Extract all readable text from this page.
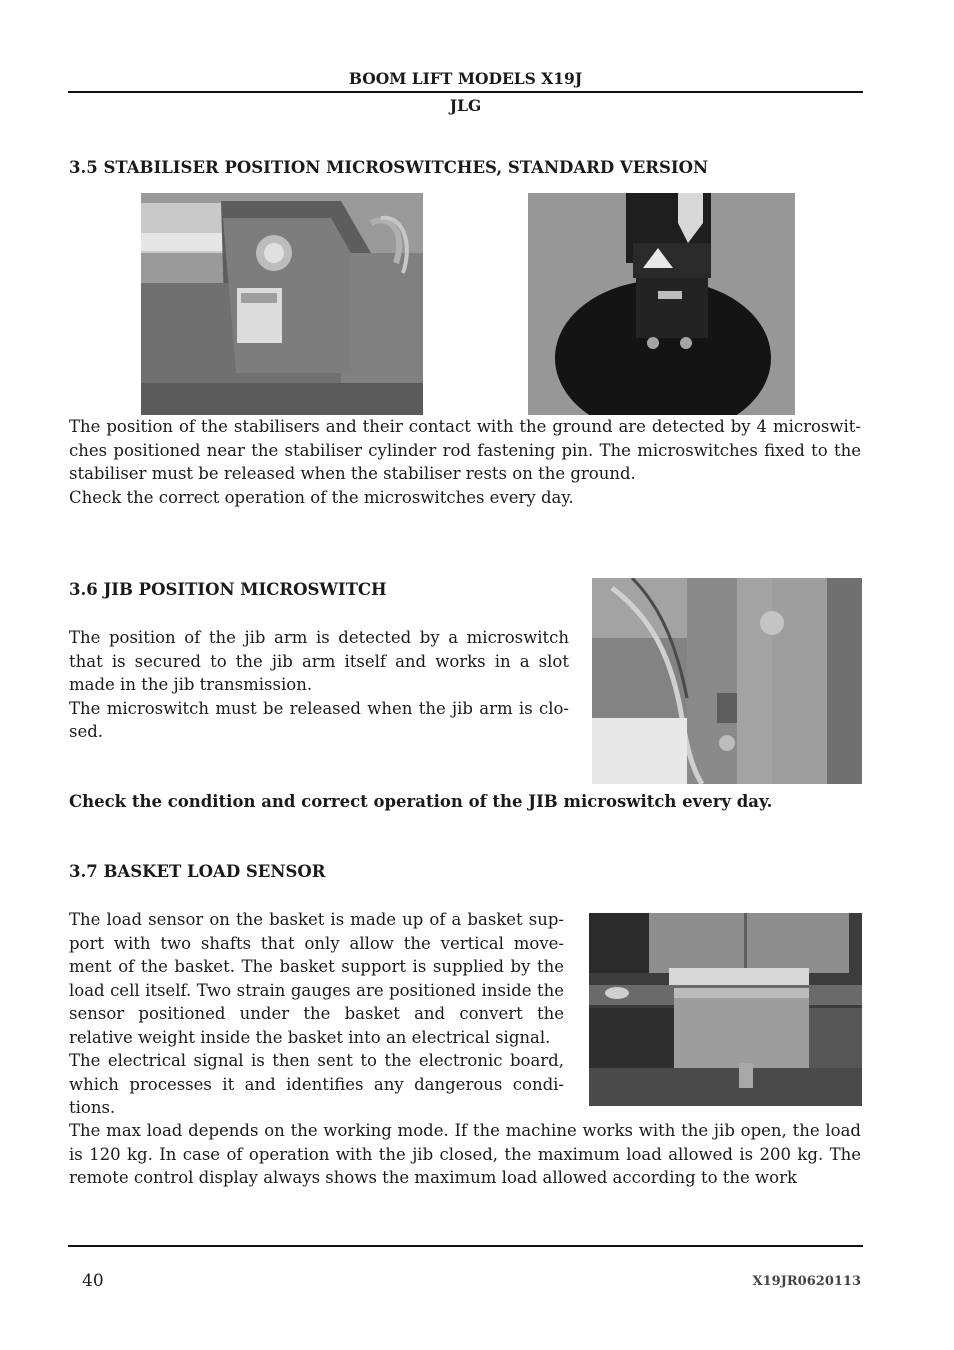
BOOM LIFT MODELS X19J
JLG
3.5 STABILISER POSITION MICROSWITCHES, STANDARD VERSION

The position of the stabilisers and their contact with the ground are detected by 4 microswit-ches positioned near the stabiliser cylinder rod fastening pin. The microswitches fixed to the stabiliser must be released when the stabiliser rests on the ground.

Check the correct operation of the microswitches every day.

3.6 JIB POSITION MICROSWITCH

The position of the jib arm is detected by a microswitch that is secured to the jib arm itself and works in a slot made in the jib transmission.

The microswitch must be released when the jib arm is clo-sed.

Check the condition and correct operation of the JIB microswitch every day.
3.7 BASKET LOAD SENSOR

The load sensor on the basket is made up of a basket sup-port with two shafts that only allow the vertical move-ment of the basket. The basket support is supplied by the load cell itself. Two strain gauges are positioned inside the sensor positioned under the basket and convert the relative weight inside the basket into an electrical signal.

The electrical signal is then sent to the electronic board, which processes it and identifies any dangerous condi-tions.

The max load depends on the working mode. If the machine works with the jib open, the load is 120 kg. In case of operation with the jib closed, the maximum load allowed is 200 kg. The remote control display always shows the maximum load allowed according to the work

40	X19JR0620113
